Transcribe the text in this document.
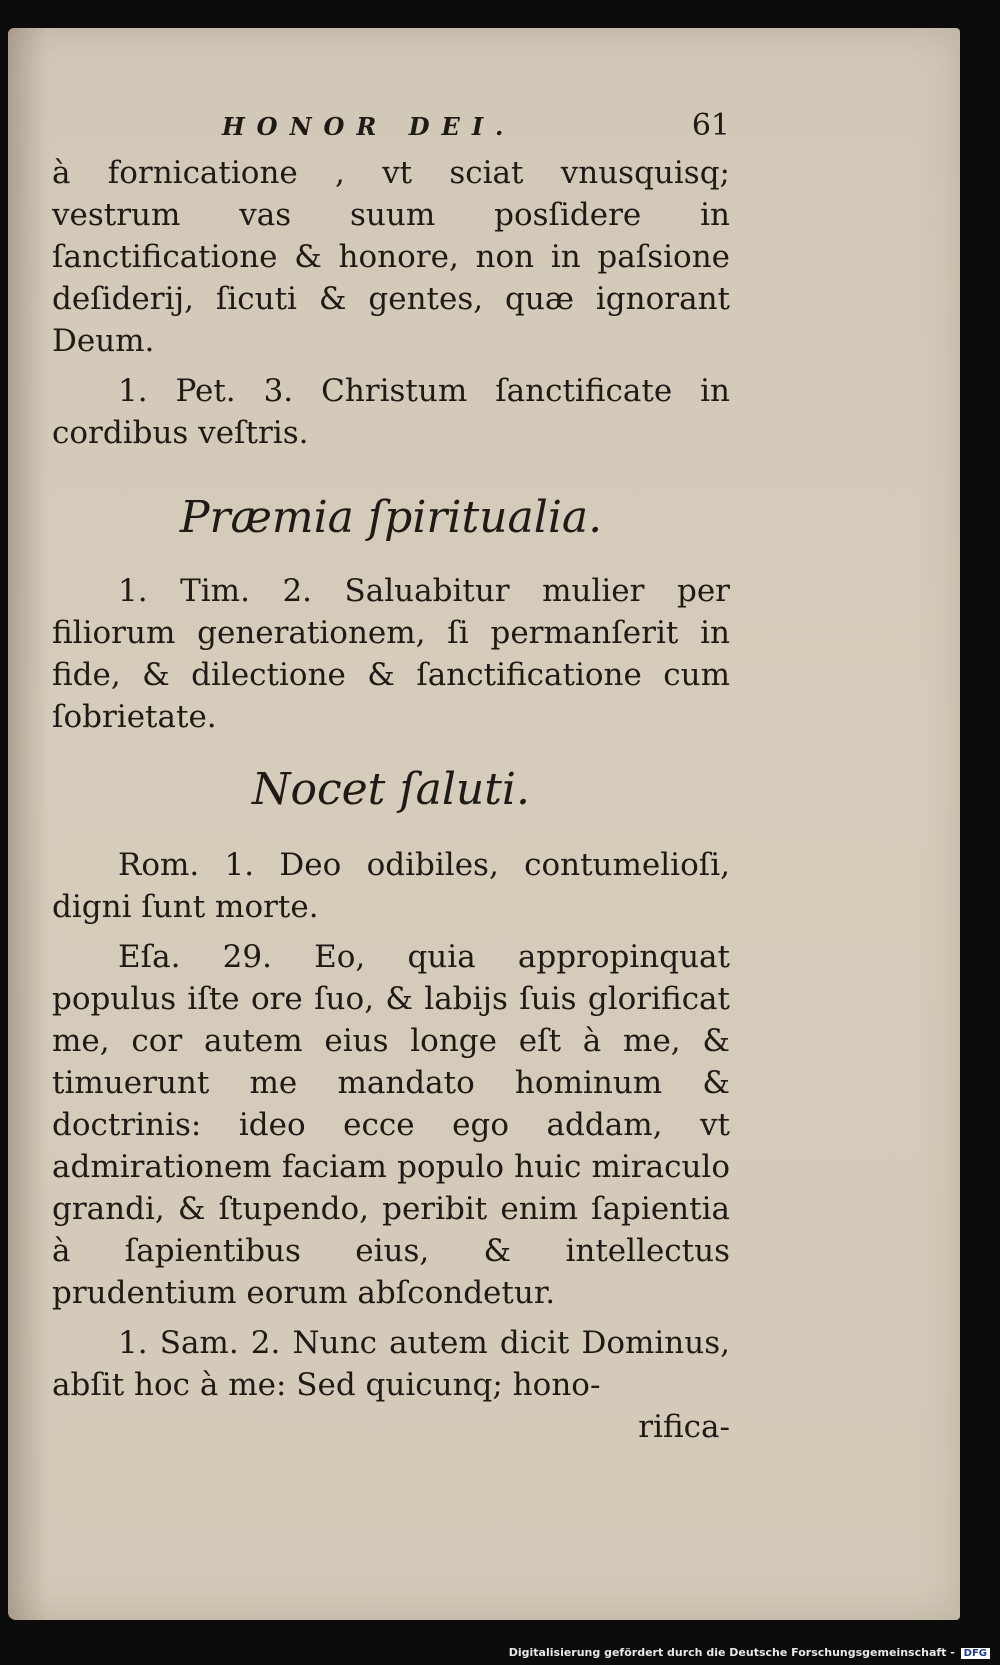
HONOR DEI.	61

à fornicatione , vt sciat vnusquisq; vestrum vas suum posſidere in ſanctificatione & honore, non in paſsione deſiderij, ſicuti & gentes, quæ ignorant Deum.

1. Pet. 3. Christum ſanctificate in cordibus veſtris.

Præmia ſpiritualia.

1. Tim. 2. Saluabitur mulier per filiorum generationem, ſi permanſerit in fide, & dilectione & ſanctificatione cum ſobrietate.

Nocet ſaluti.

Rom. 1. Deo odibiles, contumelioſi, digni ſunt morte.

Eſa. 29. Eo, quia appropinquat populus iſte ore ſuo, & labijs ſuis glorificat me, cor autem eius longe eſt à me, & timuerunt me mandato hominum & doctrinis: ideo ecce ego addam, vt admirationem faciam populo huic miraculo grandi, & ſtupendo, peribit enim ſapientia à ſapientibus eius, & intellectus prudentium eorum abſcondetur.

1. Sam. 2. Nunc autem dicit Dominus, abſit hoc à me: Sed quicunq; hono-

rifica-

Digitalisierung gefördert durch die Deutsche Forschungsgemeinschaft - DFG
